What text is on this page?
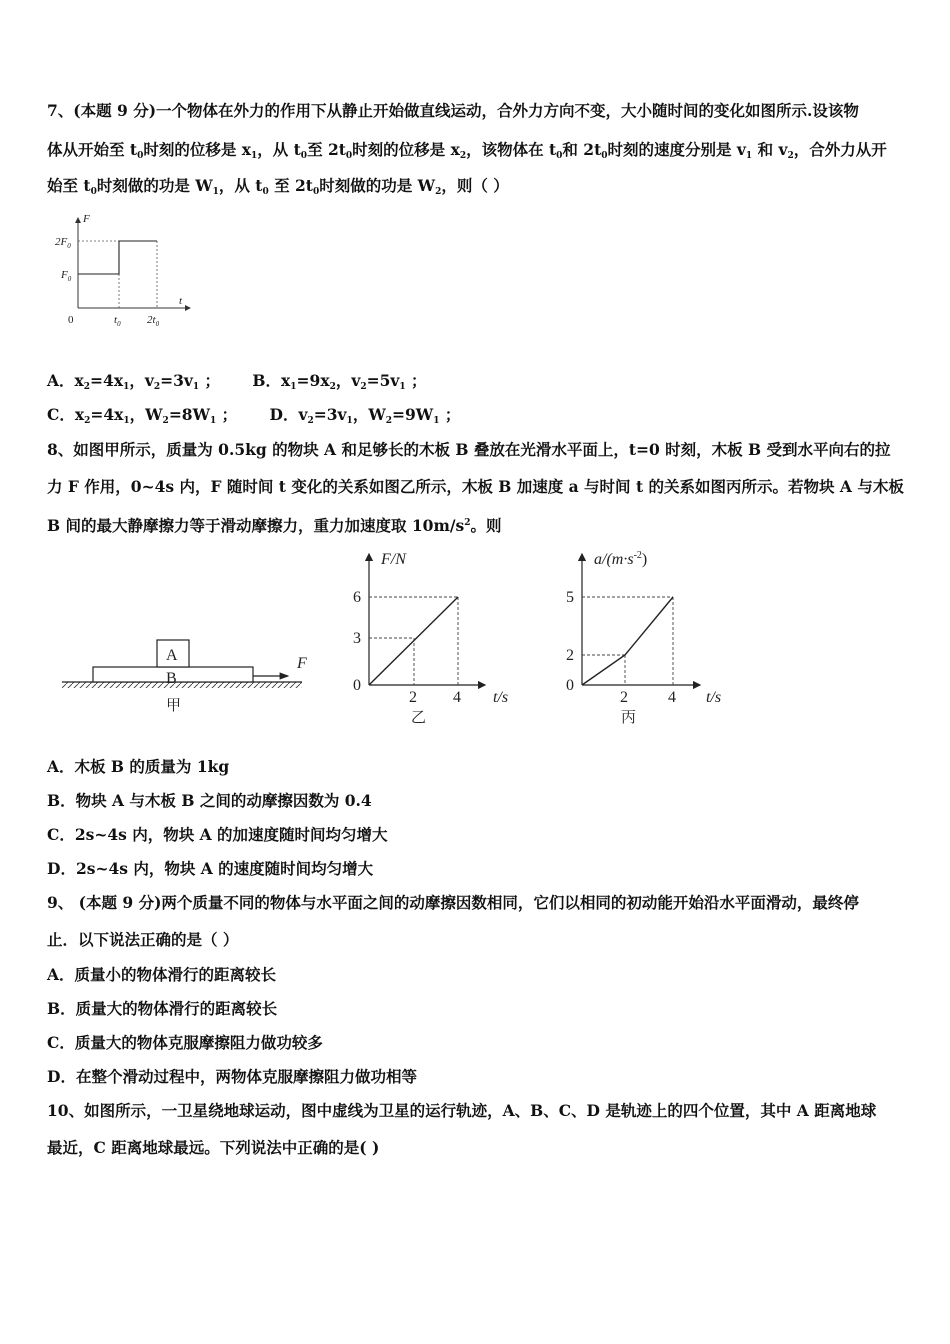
7、(本题 9 分)一个物体在外力的作用下从静止开始做直线运动，合外力方向不变，大小随时间的变化如图所示.设该物
体从开始至 $t_0$时刻的位移是 $x_1$，从 $t_0$至 $2t_0$时刻的位移是 $x_2$，该物体在 $t_0$和 $2t_0$时刻的速度分别是 $v_1$ 和 $v_2$，合外力从开
始至 $t_0$时刻做的功是 $W_1$，从 $t_0$ 至 $2t_0$时刻做的功是 $W_2$，则（ ）
F
t
0
$2F_0$
$F_0$
$t_0$ $2t_0$
A．$x_2=4x_1$，$v_2=3v_1$ ；      B．$x_1=9x_2$，$v_2=5v_1$ ；
C．$x_2=4x_1$，$W_2=8W_1$ ；      D．$v_2=3v_1$，$W_2=9W_1$ ；
8、如图甲所示，质量为 0.5kg 的物块 A 和足够长的木板 B 叠放在光滑水平面上，t=0 时刻，木板 B 受到水平向右的拉
力 F 作用，0~4s 内，F 随时间 t 变化的关系如图乙所示，木板 B 加速度 a 与时间 t 的关系如图丙所示。若物块 A 与木板
B 间的最大静摩擦力等于滑动摩擦力，重力加速度取 $10m/s^2$。则
A
B
F
甲
F/N
t/s
0
6
3
2 4
乙
$a/(m\cdot s^{-2})$
t/s
0
5
2
2	4
丙
A．木板 B 的质量为 1kg
B．物块 A 与木板 B 之间的动摩擦因数为 0.4
C．2s~4s 内，物块 A 的加速度随时间均匀增大
D．2s~4s 内，物块 A 的速度随时间均匀增大
9、 (本题 9 分)两个质量不同的物体与水平面之间的动摩擦因数相同，它们以相同的初动能开始沿水平面滑动，最终停
止．以下说法正确的是（ ）
A．质量小的物体滑行的距离较长
B．质量大的物体滑行的距离较长
C．质量大的物体克服摩擦阻力做功较多
D．在整个滑动过程中，两物体克服摩擦阻力做功相等
10、如图所示，一卫星绕地球运动，图中虚线为卫星的运行轨迹，A、B、C、D 是轨迹上的四个位置，其中 A 距离地球
最近，C 距离地球最远。下列说法中正确的是( )
